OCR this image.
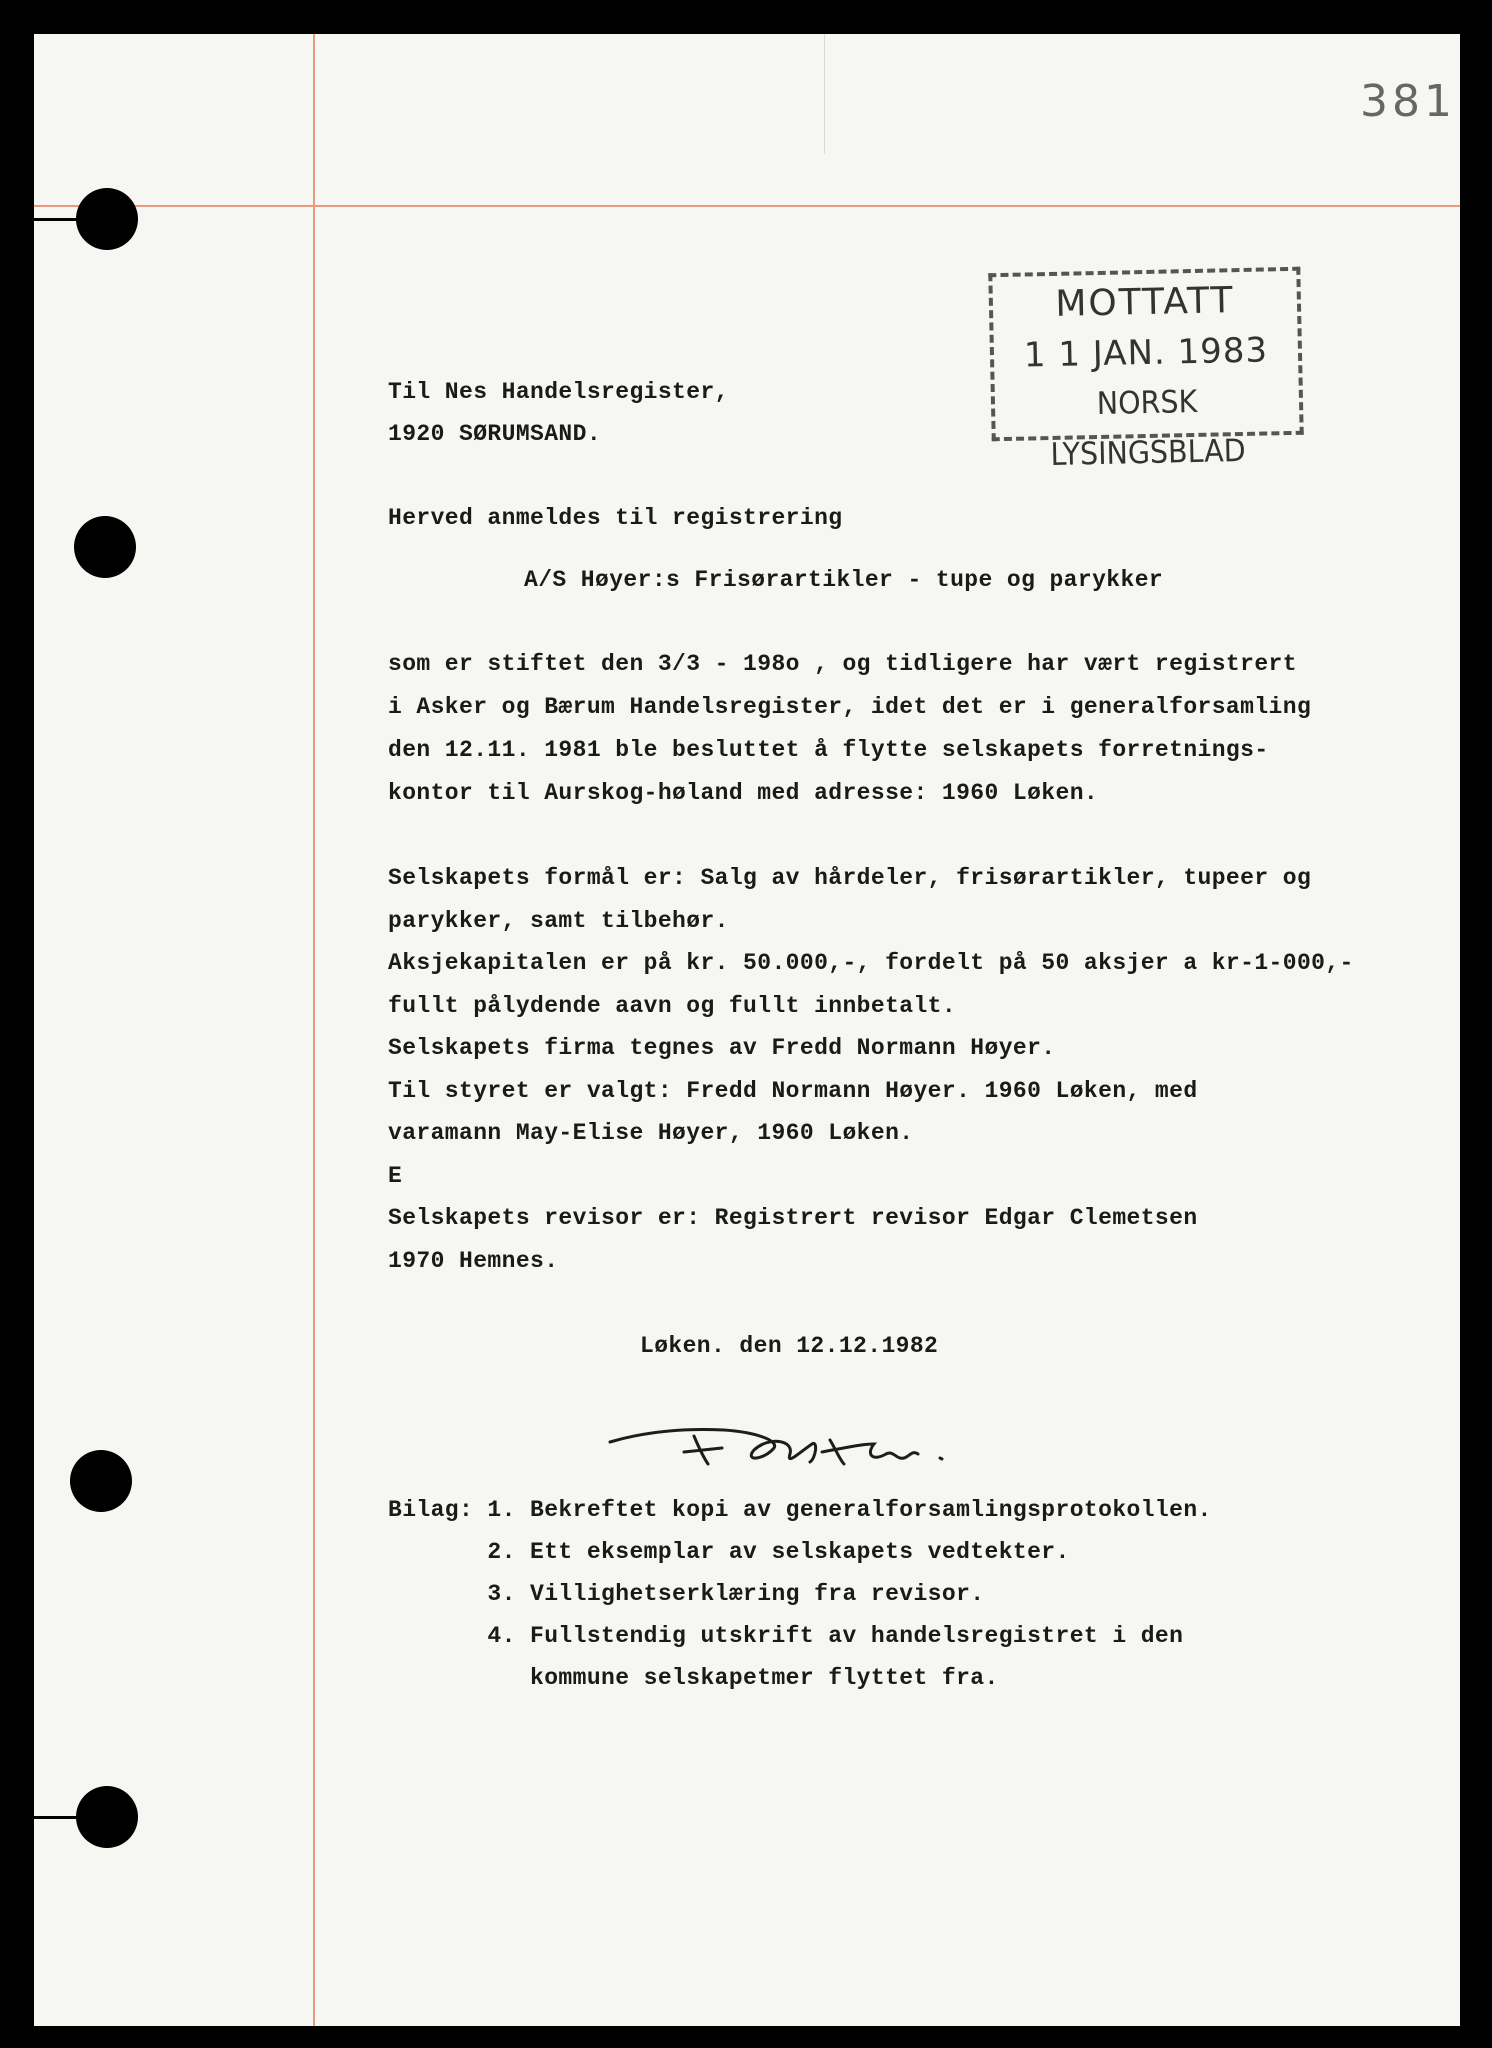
381
MOTTATT
1 1 JAN. 1983
NORSK LYSINGSBLAD
Til Nes Handelsregister,
1920 SØRUMSAND.
Herved anmeldes til registrering
A/S Høyer:s Frisørartikler - tupe og parykker
som er stiftet den 3/3 - 198o , og tidligere har vært registrert
i Asker og Bærum Handelsregister, idet det er i generalforsamling
den 12.11. 1981 ble besluttet å flytte selskapets forretnings-
kontor til Aurskog-høland med adresse: 1960 Løken.
Selskapets formål er: Salg av hårdeler, frisørartikler, tupeer og
parykker, samt tilbehør.
Aksjekapitalen er på kr. 50.000,-, fordelt på 50 aksjer a kr-1-000,-
fullt pålydende aavn og fullt innbetalt.
Selskapets firma tegnes av Fredd Normann Høyer.
Til styret er valgt: Fredd Normann Høyer. 1960 Løken, med
varamann May-Elise Høyer, 1960 Løken.
E
Selskapets revisor er: Registrert revisor Edgar Clemetsen
1970 Hemnes.
Løken. den 12.12.1982
Bilag: 1. Bekreftet kopi av generalforsamlingsprotokollen.
2. Ett eksemplar av selskapets vedtekter.
3. Villighetserklæring fra revisor.
4. Fullstendig utskrift av handelsregistret i den
kommune selskapetmer flyttet fra.
